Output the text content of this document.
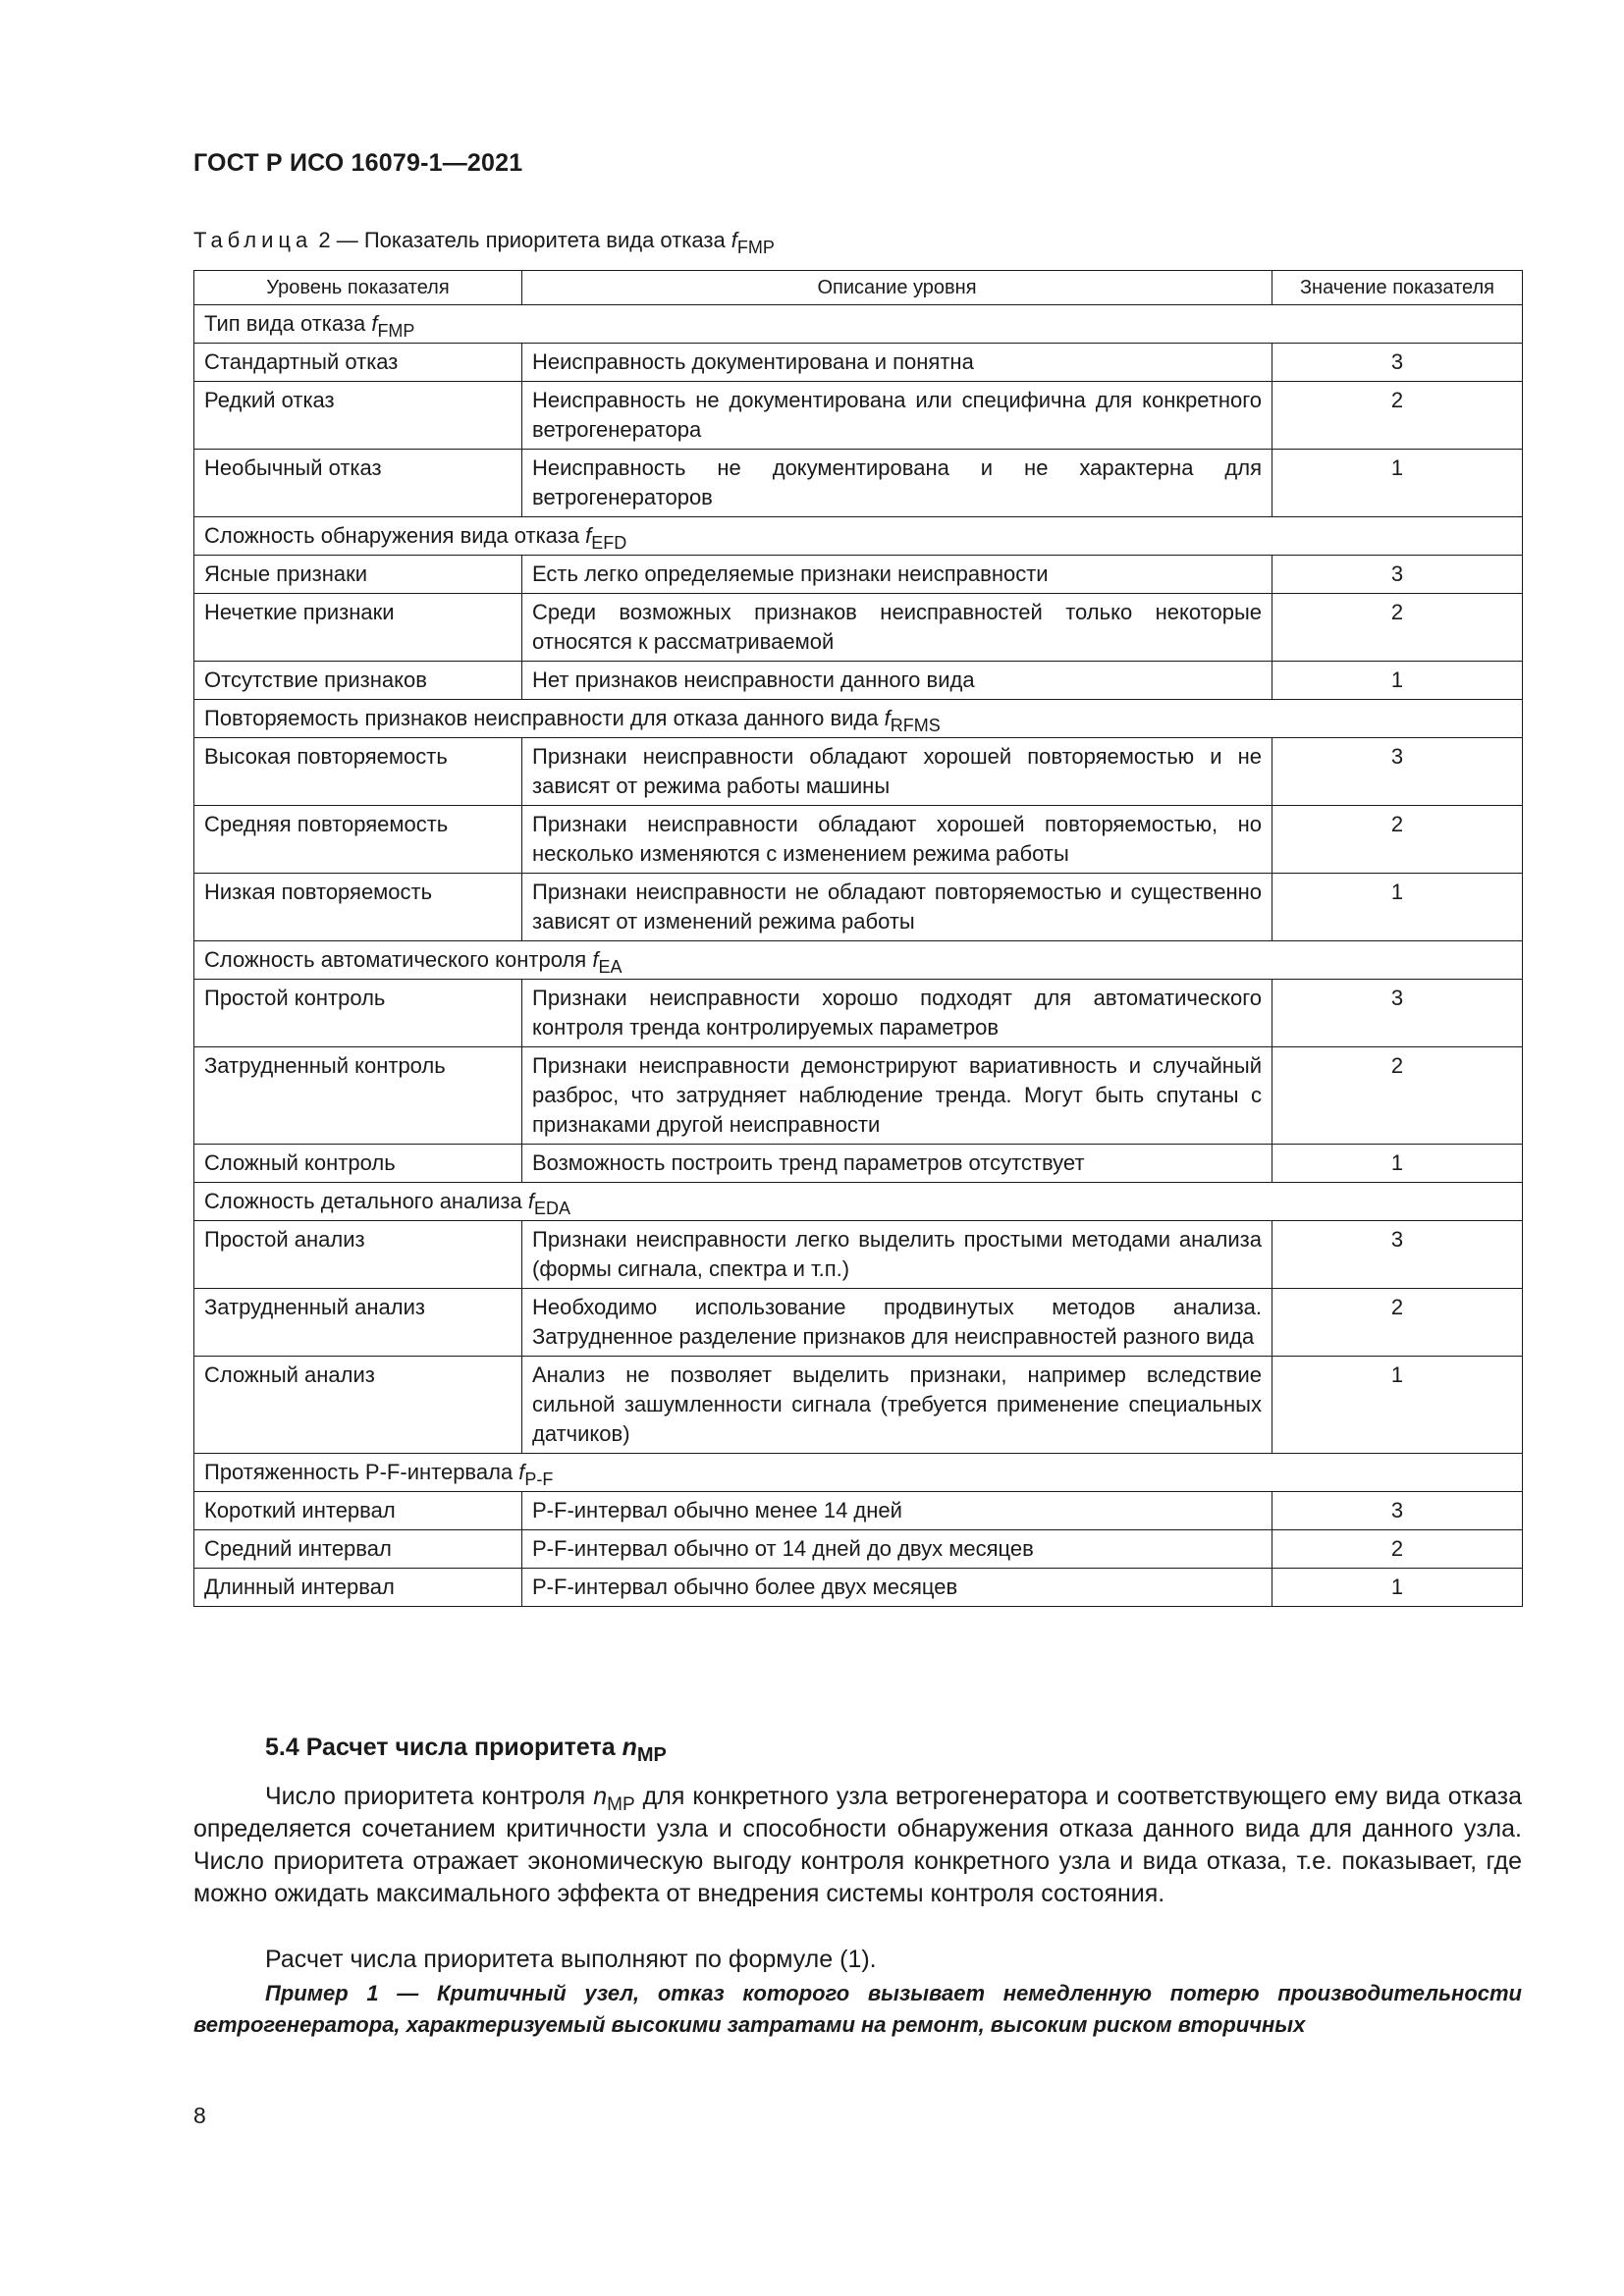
ГОСТ Р ИСО 16079-1—2021
Таблица 2 — Показатель приоритета вида отказа $f_{FMP}$
Уровень показателя	Описание уровня	Значение показателя
Тип вида отказа $f_{FMP}$
Стандартный отказ	Неисправность документирована и понятна	3
Редкий отказ	Неисправность не документирована или специфична для конкретного ветрогенератора	2
Необычный отказ	Неисправность не документирована и не характерна для ветрогенераторов	1
Сложность обнаружения вида отказа $f_{EFD}$
Ясные признаки	Есть легко определяемые признаки неисправности	3
Нечеткие признаки	Среди возможных признаков неисправностей только некоторые относятся к рассматриваемой	2
Отсутствие признаков	Нет признаков неисправности данного вида	1
Повторяемость признаков неисправности для отказа данного вида $f_{RFMS}$
Высокая повторяемость	Признаки неисправности обладают хорошей повторяемостью и не зависят от режима работы машины	3
Средняя повторяемость	Признаки неисправности обладают хорошей повторяемостью, но несколько изменяются с изменением режима работы	2
Низкая повторяемость	Признаки неисправности не обладают повторяемостью и существенно зависят от изменений режима работы	1
Сложность автоматического контроля $f_{EA}$
Простой контроль	Признаки неисправности хорошо подходят для автоматического контроля тренда контролируемых параметров	3
Затрудненный контроль	Признаки неисправности демонстрируют вариативность и случайный разброс, что затрудняет наблюдение тренда. Могут быть спутаны с признаками другой неисправности	2
Сложный контроль	Возможность построить тренд параметров отсутствует	1
Сложность детального анализа $f_{EDA}$
Простой анализ	Признаки неисправности легко выделить простыми методами анализа (формы сигнала, спектра и т.п.)	3
Затрудненный анализ	Необходимо использование продвинутых методов анализа. Затрудненное разделение признаков для неисправностей разного вида	2
Сложный анализ	Анализ не позволяет выделить признаки, например вследствие сильной зашумленности сигнала (требуется применение специальных датчиков)	1
Протяженность P-F-интервала $f_{P-F}$
Короткий интервал	P-F-интервал обычно менее 14 дней	3
Средний интервал	P-F-интервал обычно от 14 дней до двух месяцев	2
Длинный интервал	P-F-интервал обычно более двух месяцев	1
5.4 Расчет числа приоритета $n_{MP}$

Число приоритета контроля $n_{MP}$ для конкретного узла ветрогенератора и соответствующего ему вида отказа определяется сочетанием критичности узла и способности обнаружения отказа данного вида для данного узла. Число приоритета отражает экономическую выгоду контроля конкретного узла и вида отказа, т.е. показывает, где можно ожидать максимального эффекта от внедрения системы контроля состояния.

Расчет числа приоритета выполняют по формуле (1).

Пример 1 — Критичный узел, отказ которого вызывает немедленную потерю производительности ветрогенератора, характеризуемый высокими затратами на ремонт, высоким риском вторичных

8
